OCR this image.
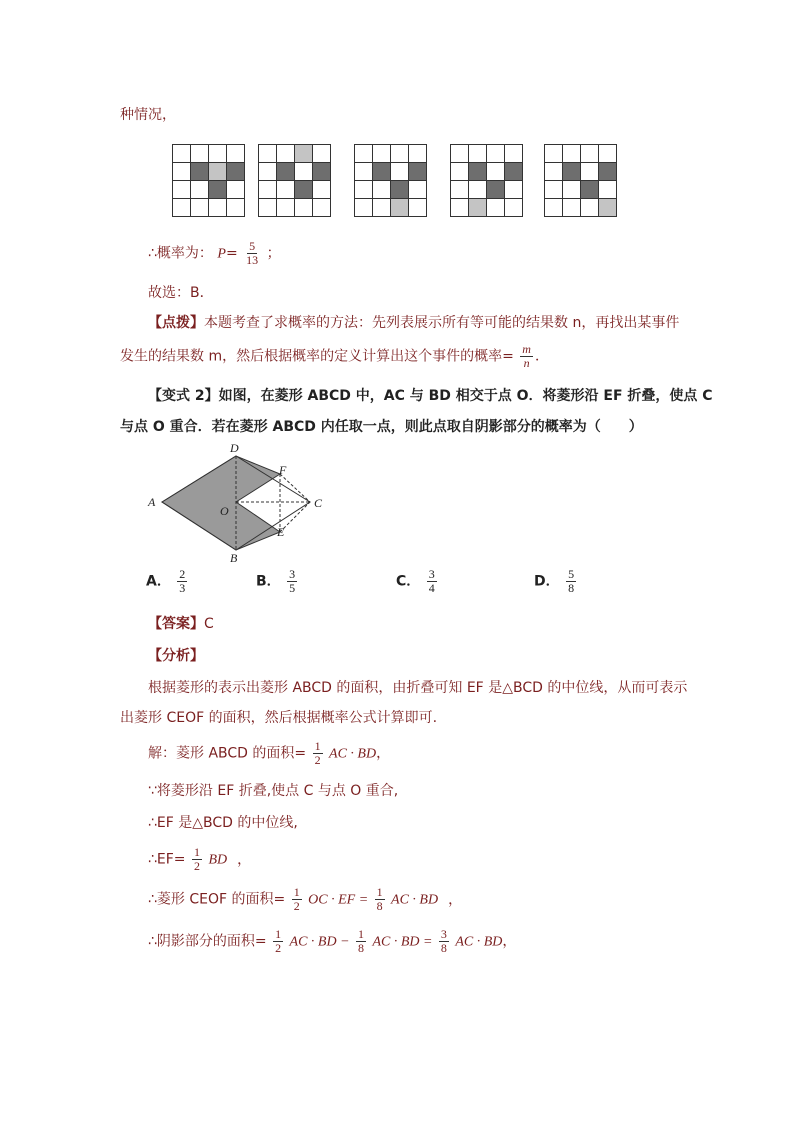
种情况，
∴概率为： $P= \frac{5}{13}$ ；
故选：B．
【点拨】本题考查了求概率的方法：先列表展示所有等可能的结果数 n，再找出某事件
发生的结果数 m，然后根据概率的定义计算出这个事件的概率= $\frac{m}{n}$ ．
【变式 2】如图，在菱形 ABCD 中，AC 与 BD 相交于点 O．将菱形沿 EF 折叠，使点 C
与点 O 重合．若在菱形 ABCD 内任取一点，则此点取自阴影部分的概率为（　　）
A
D
F
C
O
E
B
A． $\frac{2}{3}$	B． $\frac{3}{5}$	C． $\frac{3}{4}$	D． $\frac{5}{8}$
【答案】C
【分析】
根据菱形的表示出菱形 ABCD 的面积，由折叠可知 EF 是△BCD 的中位线，从而可表示
出菱形 CEOF 的面积，然后根据概率公式计算即可.
解：菱形 ABCD 的面积= $\frac{1}{2}$ AC · BD，
∵将菱形沿 EF 折叠,使点 C 与点 O 重合,
∴EF 是△BCD 的中位线,
∴EF= $\frac{1}{2}$ BD ，
∴菱形 CEOF 的面积= $\frac{1}{2}$ OC · EF = $\frac{1}{8}$ AC · BD ，
∴阴影部分的面积= $\frac{1}{2}$ AC · BD − $\frac{1}{8}$ AC · BD = $\frac{3}{8}$ AC · BD，
